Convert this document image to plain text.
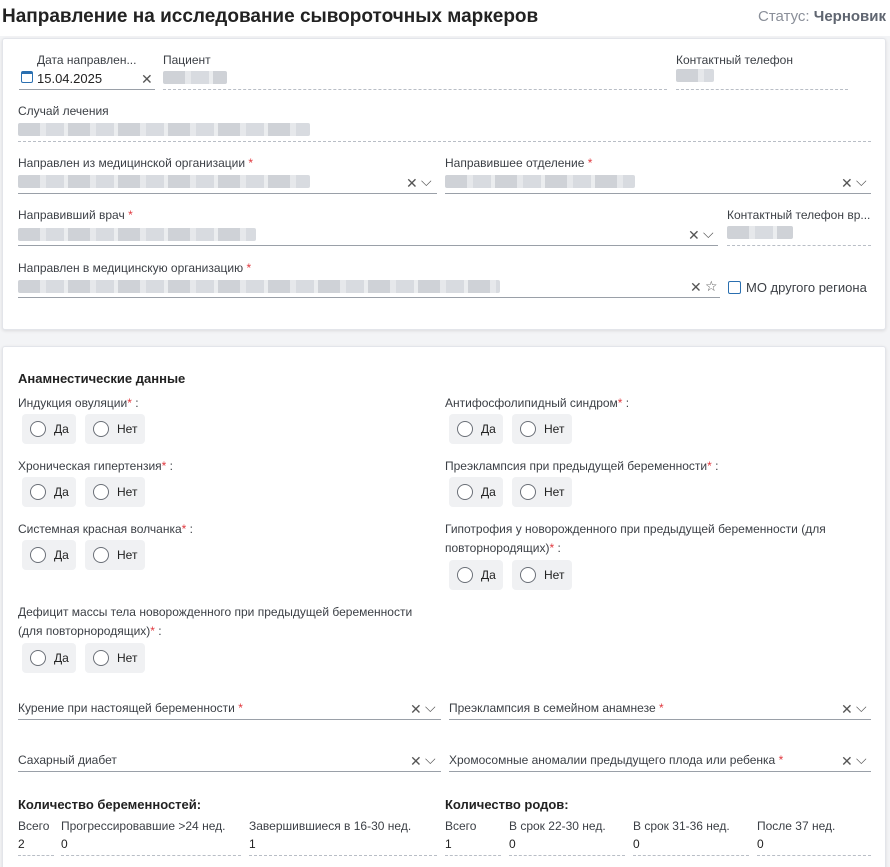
Направление на исследование сывороточных маркеров	Статус: Черновик
Дата направлен...
15.04.2025	✕
Пациент	Контактный телефон
Случай лечения
Направлен из медицинской организации *
✕ ⌵
Направившее отделение *
✕ ⌵
Направивший врач *
✕ ⌵
Контактный телефон вр...
Направлен в медицинскую организацию *
✕ ☆ МО другого региона
Анамнестические данные
Индукция овуляции* :
Да	Нет
Хроническая гипертензия* :
Да	Нет
Системная красная волчанка* :
Да	Нет
Дефицит массы тела новорожденного при предыдущей беременности
(для повторнородящих)* :
Да	Нет
Антифосфолипидный синдром* :
Да	Нет
Преэклампсия при предыдущей беременности* :
Да	Нет
Гипотрофия у новорожденного при предыдущей беременности (для
повторнородящих)* :
Да	Нет
Курение при настоящей беременности *	✕ ⌵ Преэклампсия в семейном анамнезе *	✕ ⌵
Сахарный диабет	✕ ⌵ Хромосомные аномалии предыдущего плода или ребенка *	✕ ⌵
Количество беременностей:
Всего
2
Прогрессировавшие >24 нед.
0
Завершившиеся в 16-30 нед.
1
Количество родов:
Всего
1
В срок 22-30 нед.
0
В срок 31-36 нед.
0
После 37 нед.
0
